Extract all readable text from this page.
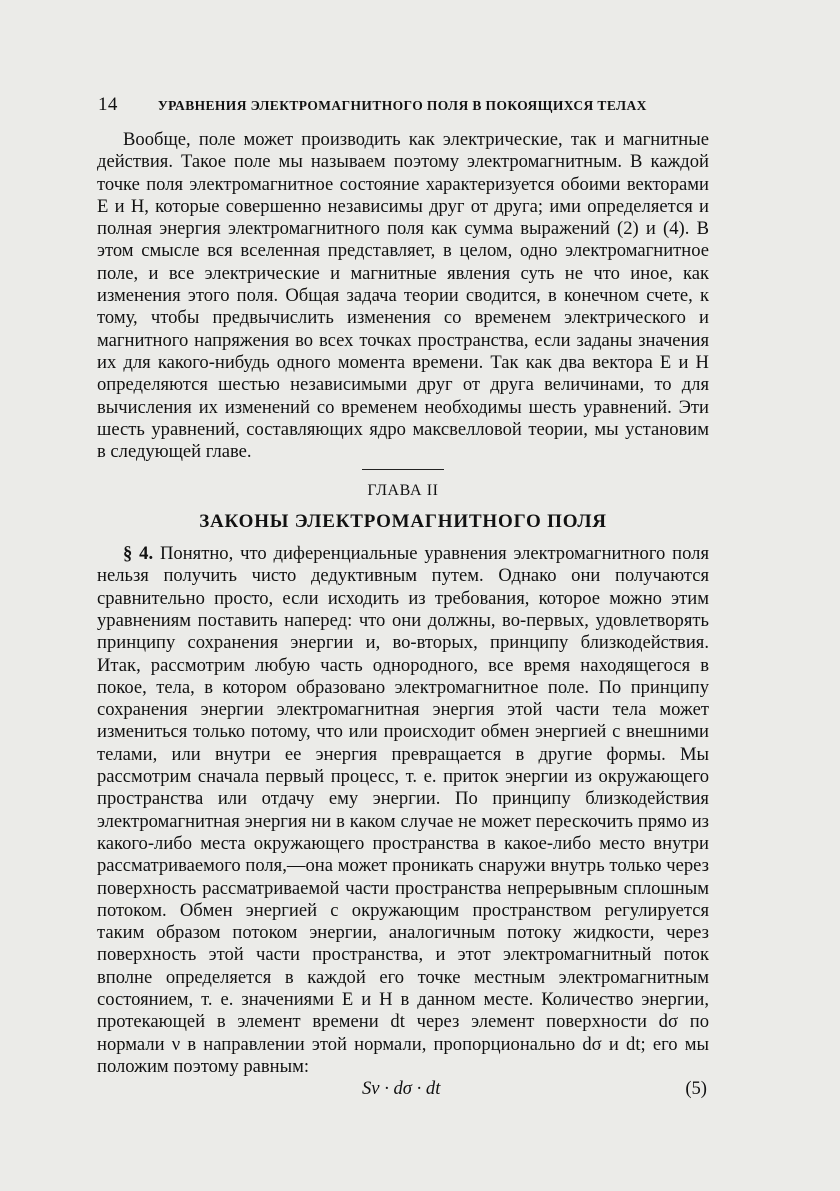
14	УРАВНЕНИЯ ЭЛЕКТРОМАГНИТНОГО ПОЛЯ В ПОКОЯЩИХСЯ ТЕЛАХ

Вообще, поле может производить как электрические, так и магнитные действия. Такое поле мы называем поэтому электромагнитным. В каждой точке поля электромагнитное состояние характеризуется обоими векторами E и H, которые совершенно независимы друг от друга; ими определяется и полная энергия электромагнитного поля как сумма выражений (2) и (4). В этом смысле вся вселенная представляет, в целом, одно электромагнитное поле, и все электрические и магнитные явления суть не что иное, как изменения этого поля. Общая задача теории сводится, в конечном счете, к тому, чтобы предвычислить изменения со временем электрического и магнитного напряжения во всех точках пространства, если заданы значения их для какого-нибудь одного момента времени. Так как два вектора E и H определяются шестью независимыми друг от друга величинами, то для вычисления их изменений со временем необходимы шесть уравнений. Эти шесть уравнений, составляющих ядро максвелловой теории, мы установим в следующей главе.

ГЛАВА II
ЗАКОНЫ ЭЛЕКТРОМАГНИТНОГО ПОЛЯ

§ 4. Понятно, что диференциальные уравнения электромагнитного поля нельзя получить чисто дедуктивным путем. Однако они получаются сравнительно просто, если исходить из требования, которое можно этим уравнениям поставить наперед: что они должны, во-первых, удовлетворять принципу сохранения энергии и, во-вторых, принципу близкодействия. Итак, рассмотрим любую часть однородного, все время находящегося в покое, тела, в котором образовано электромагнитное поле. По принципу сохранения энергии электромагнитная энергия этой части тела может измениться только потому, что или происходит обмен энергией с внешними телами, или внутри ее энергия превращается в другие формы. Мы рассмотрим сначала первый процесс, т. е. приток энергии из окружающего пространства или отдачу ему энергии. По принципу близкодействия электромагнитная энергия ни в каком случае не может перескочить прямо из какого-либо места окружающего пространства в какое-либо место внутри рассматриваемого поля,—она может проникать снаружи внутрь только через поверхность рассматриваемой части пространства непрерывным сплошным потоком. Обмен энергией с окружающим пространством регулируется таким образом потоком энергии, аналогичным потоку жидкости, через поверхность этой части пространства, и этот электромагнитный поток вполне определяется в каждой его точке местным электромагнитным состоянием, т. е. значениями E и H в данном месте. Количество энергии, протекающей в элемент времени dt через элемент поверхности dσ по нормали ν в направлении этой нормали, пропорционально dσ и dt; его мы положим поэтому равным:

Sν · dσ · dt	(5)
